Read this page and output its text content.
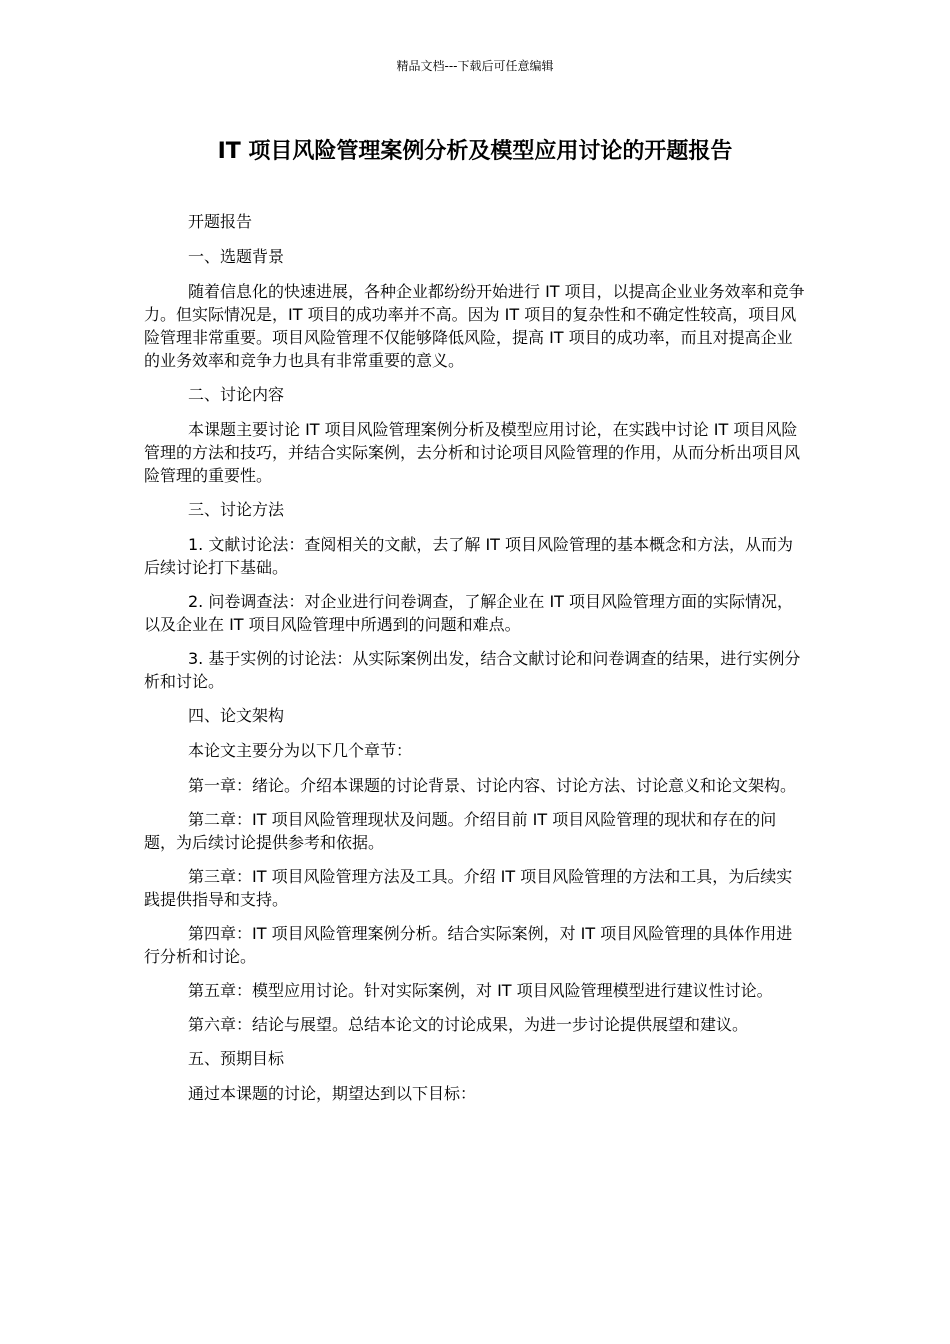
精品文档---下载后可任意编辑
IT 项目风险管理案例分析及模型应用讨论的开题报告

开题报告

一、选题背景

随着信息化的快速进展，各种企业都纷纷开始进行 IT 项目，以提高企业业务效率和竞争力。但实际情况是，IT 项目的成功率并不高。因为 IT 项目的复杂性和不确定性较高，项目风险管理非常重要。项目风险管理不仅能够降低风险，提高 IT 项目的成功率，而且对提高企业的业务效率和竞争力也具有非常重要的意义。

二、讨论内容

本课题主要讨论 IT 项目风险管理案例分析及模型应用讨论，在实践中讨论 IT 项目风险管理的方法和技巧，并结合实际案例，去分析和讨论项目风险管理的作用，从而分析出项目风险管理的重要性。

三、讨论方法

1. 文献讨论法：查阅相关的文献，去了解 IT 项目风险管理的基本概念和方法，从而为后续讨论打下基础。

2. 问卷调查法：对企业进行问卷调查，了解企业在 IT 项目风险管理方面的实际情况，以及企业在 IT 项目风险管理中所遇到的问题和难点。

3. 基于实例的讨论法：从实际案例出发，结合文献讨论和问卷调查的结果，进行实例分析和讨论。

四、论文架构

本论文主要分为以下几个章节：

第一章：绪论。介绍本课题的讨论背景、讨论内容、讨论方法、讨论意义和论文架构。

第二章：IT 项目风险管理现状及问题。介绍目前 IT 项目风险管理的现状和存在的问题，为后续讨论提供参考和依据。

第三章：IT 项目风险管理方法及工具。介绍 IT 项目风险管理的方法和工具，为后续实践提供指导和支持。

第四章：IT 项目风险管理案例分析。结合实际案例，对 IT 项目风险管理的具体作用进行分析和讨论。

第五章：模型应用讨论。针对实际案例，对 IT 项目风险管理模型进行建议性讨论。

第六章：结论与展望。总结本论文的讨论成果，为进一步讨论提供展望和建议。

五、预期目标

通过本课题的讨论，期望达到以下目标：
